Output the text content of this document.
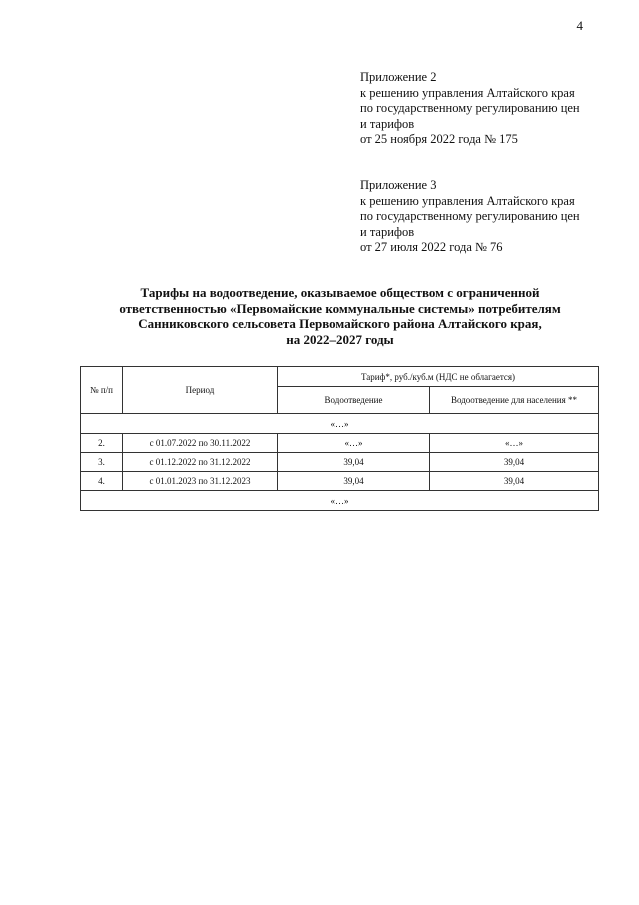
4
Приложение 2
к решению управления Алтайского края
по государственному регулированию цен
и тарифов
от 25 ноября 2022 года № 175
Приложение 3
к решению управления Алтайского края
по государственному регулированию цен
и тарифов
от 27 июля 2022 года № 76
Тарифы на водоотведение, оказываемое обществом с ограниченной
ответственностью «Первомайские коммунальные системы» потребителям
Санниковского сельсовета Первомайского района Алтайского края,
на 2022–2027 годы
№ п/п	Период	Тариф*, руб./куб.м (НДС не облагается)	
		Водоотведение	Водоотведение для населения **
«…»			
2.	с 01.07.2022 по 30.11.2022	«…»	«…»
3.	с 01.12.2022 по 31.12.2022	39,04	39,04
4.	с 01.01.2023 по 31.12.2023	39,04	39,04
«…»			
